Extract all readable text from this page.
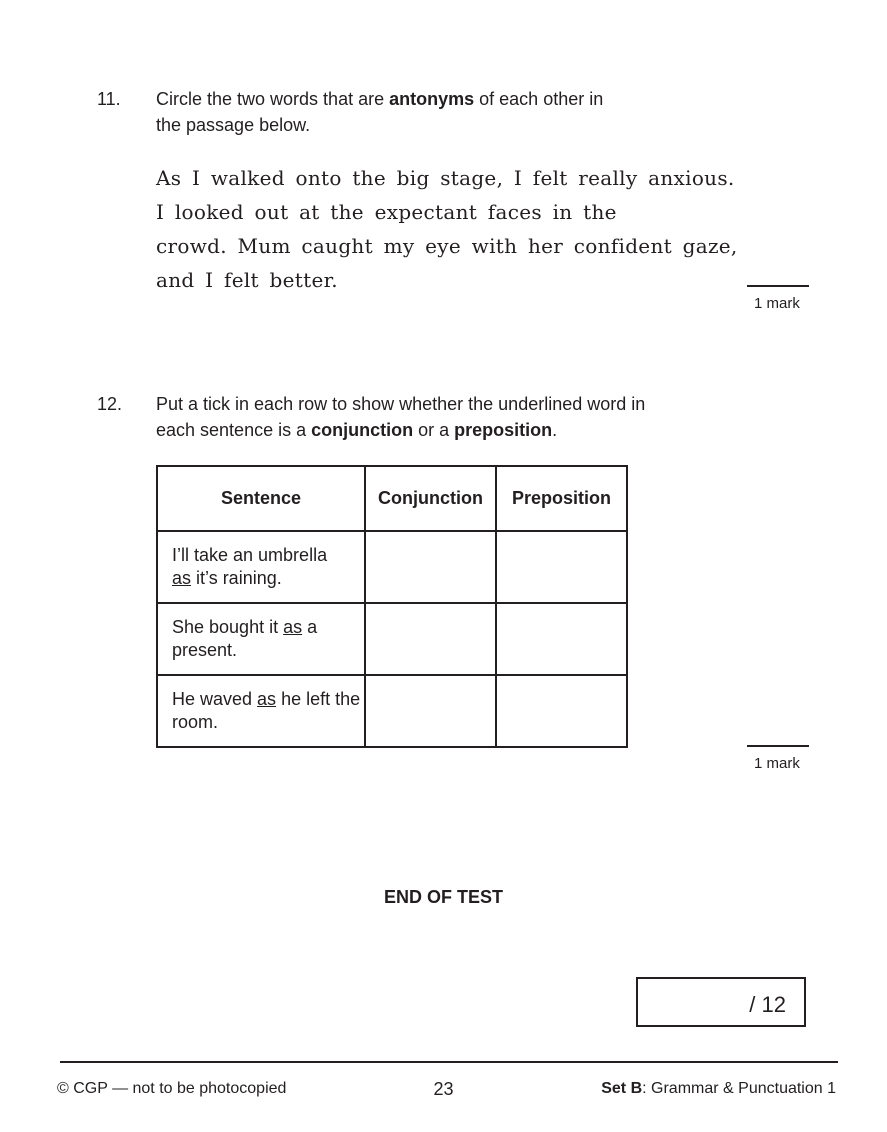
11. Circle the two words that are antonyms of each other in
the passage below.
As I walked onto the big stage, I felt really anxious.
I looked out at the expectant faces in the
crowd. Mum caught my eye with her confident gaze,
and I felt better.
1 mark
12. Put a tick in each row to show whether the underlined word in
each sentence is a conjunction or a preposition.
Sentence	Conjunction	Preposition
I’ll take an umbrella
as it’s raining.		
She bought it as a present.		
He waved as he left the room.		
1 mark
END OF TEST
/ 12
© CGP — not to be photocopied	23	Set B: Grammar & Punctuation 1
